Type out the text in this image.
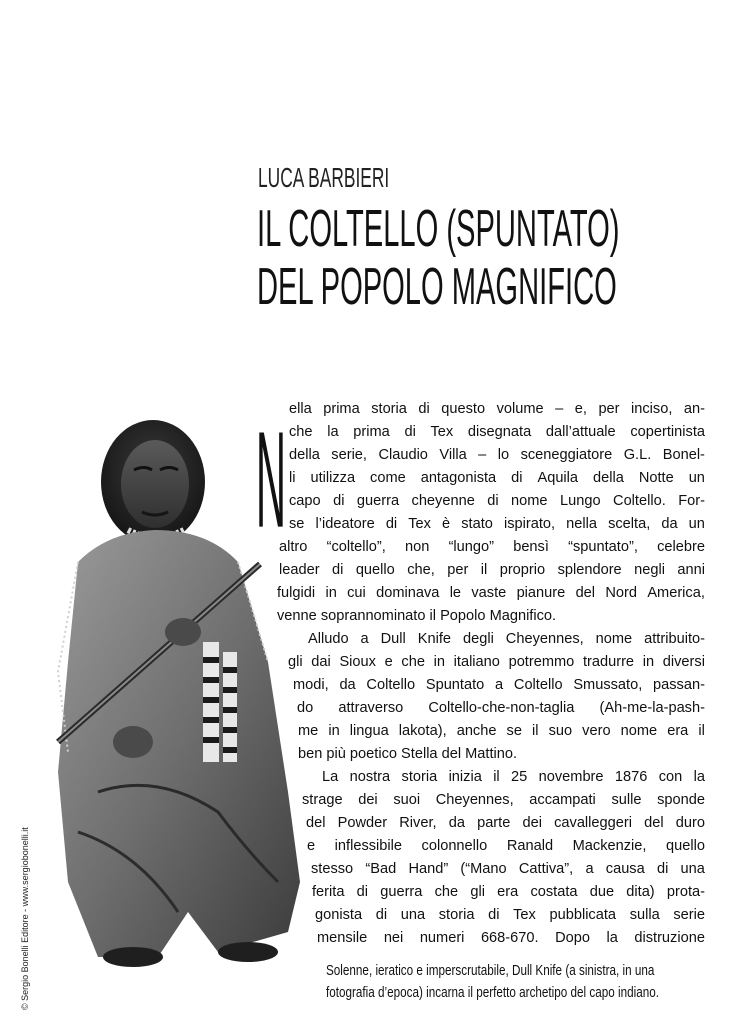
LUCA BARBIERI
IL COLTELLO (SPUNTATO)
DEL POPOLO MAGNIFICO
N ella prima storia di questo volume – e, per inciso, an-
che la prima di Tex disegnata dall’attuale copertinista
della serie, Claudio Villa – lo sceneggiatore G.L. Bonel-
li utilizza come antagonista di Aquila della Notte un
capo di guerra cheyenne di nome Lungo Coltello. For-
se l’ideatore di Tex è stato ispirato, nella scelta, da un
altro “coltello”, non “lungo” bensì “spuntato”, celebre
leader di quello che, per il proprio splendore negli anni
fulgidi in cui dominava le vaste pianure del Nord America,
venne soprannominato il Popolo Magnifico.
Alludo a Dull Knife degli Cheyennes, nome attribuito-
gli dai Sioux e che in italiano potremmo tradurre in diversi
modi, da Coltello Spuntato a Coltello Smussato, passan-
do attraverso Coltello-che-non-taglia (Ah-me-la-pash-
me in lingua lakota), anche se il suo vero nome era il
ben più poetico Stella del Mattino.
La nostra storia inizia il 25 novembre 1876 con la
strage dei suoi Cheyennes, accampati sulle sponde
del Powder River, da parte dei cavalleggeri del duro
e inflessibile colonnello Ranald Mackenzie, quello
stesso “Bad Hand” (“Mano Cattiva”, a causa di una
ferita di guerra che gli era costata due dita) prota-
gonista di una storia di Tex pubblicata sulla serie
mensile nei numeri 668-670. Dopo la distruzione
Solenne, ieratico e imperscrutabile, Dull Knife (a sinistra, in una
fotografia d’epoca) incarna il perfetto archetipo del capo indiano.
© Sergio Bonelli Editore - www.sergiobonelli.it
